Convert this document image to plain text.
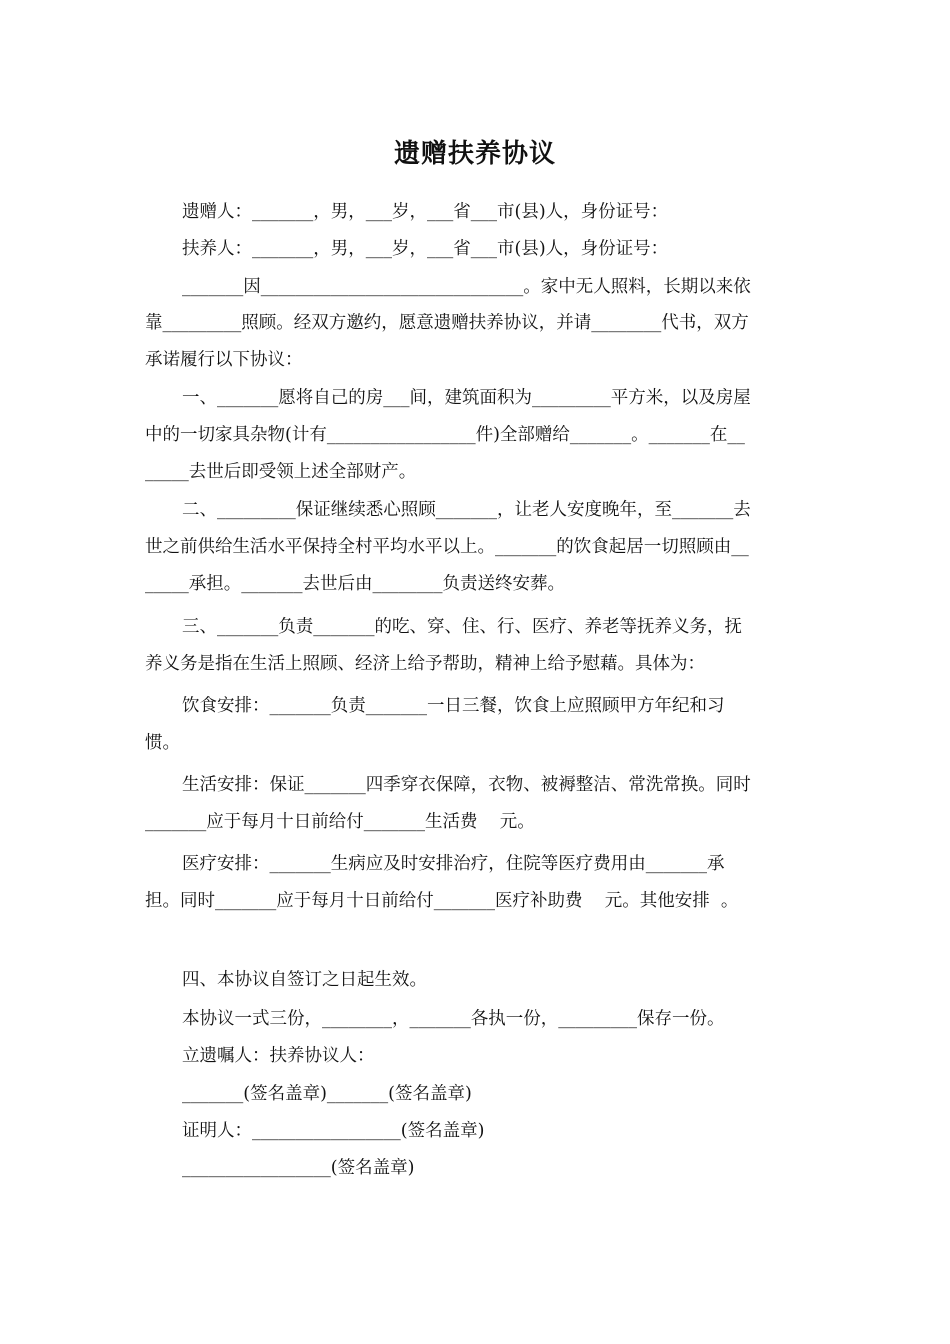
遗赠扶养协议
遗赠人：_______，男，___岁，___省___市(县)人，身份证号：
扶养人：_______，男，___岁，___省___市(县)人，身份证号：
_______因______________________________。家中无人照料，长期以来依
靠_________照顾。经双方邀约，愿意遗赠扶养协议，并请________代书，双方
承诺履行以下协议：
一、_______愿将自己的房___间，建筑面积为_________平方米，以及房屋
中的一切家具杂物(计有_________________件)全部赠给_______。_______在__
_____去世后即受领上述全部财产。
二、_________保证继续悉心照顾_______，让老人安度晚年，至_______去
世之前供给生活水平保持全村平均水平以上。_______的饮食起居一切照顾由__
_____承担。_______去世后由________负责送终安葬。
三、_______负责_______的吃、穿、住、行、医疗、养老等抚养义务，抚
养义务是指在生活上照顾、经济上给予帮助，精神上给予慰藉。具体为：
饮食安排：_______负责_______一日三餐，饮食上应照顾甲方年纪和习
惯。
生活安排：保证_______四季穿衣保障，衣物、被褥整洁、常洗常换。同时
_______应于每月十日前给付_______生活费    元。
医疗安排：_______生病应及时安排治疗，住院等医疗费用由_______承
担。同时_______应于每月十日前给付_______医疗补助费    元。其他安排  。
四、本协议自签订之日起生效。
本协议一式三份，________，_______各执一份，_________保存一份。
立遗嘱人：扶养协议人：
_______(签名盖章)_______(签名盖章)
证明人：_________________(签名盖章)
_________________(签名盖章)
